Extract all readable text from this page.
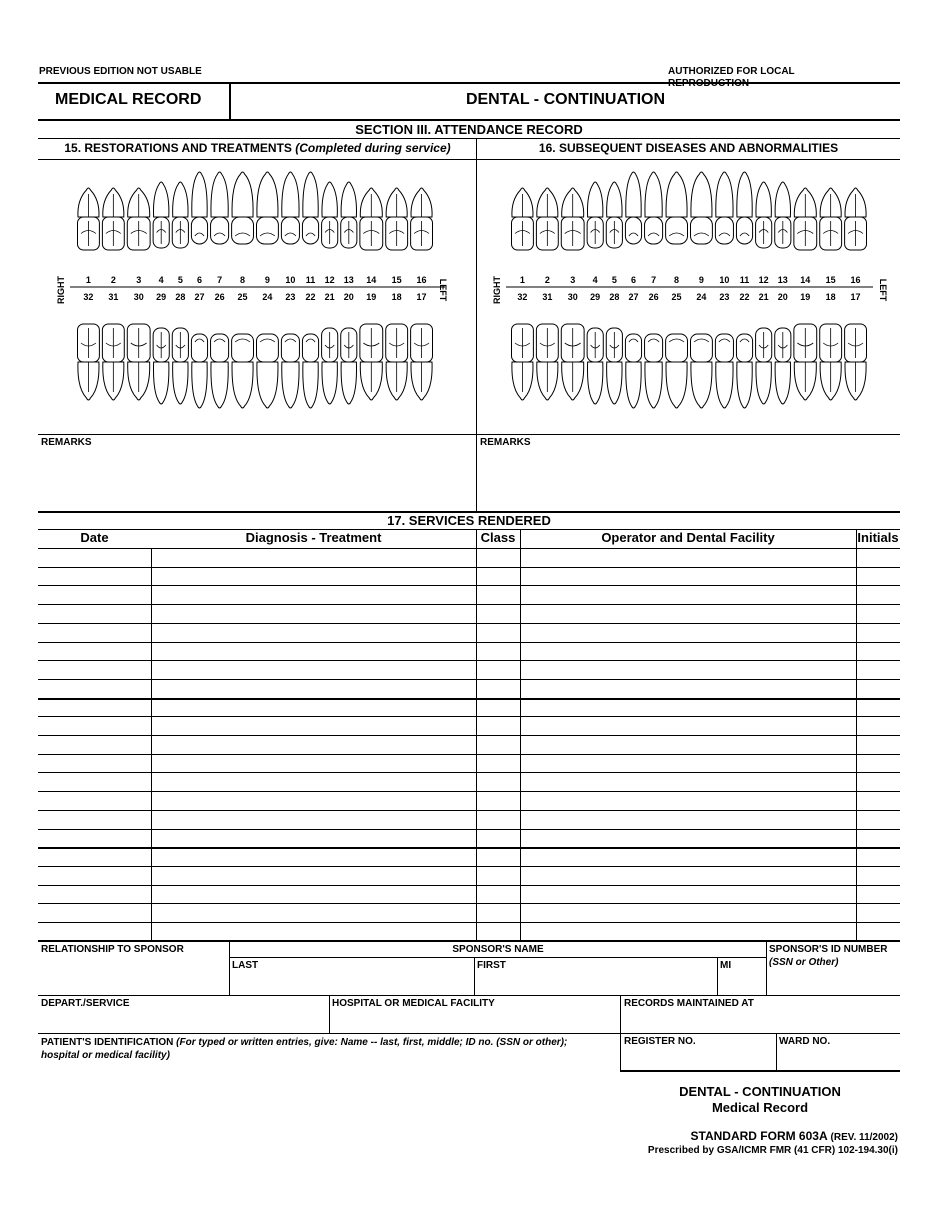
PREVIOUS EDITION NOT USABLE	AUTHORIZED FOR LOCAL
MEDICAL RECORD	DENTAL - CONTINUATION
SECTION III. ATTENDANCE RECORD
15. RESTORATIONS AND TREATMENTS (Completed during service)	16. SUBSEQUENT DISEASES AND ABNORMALITIES
1 2 3 4 5 6 7 8 9 10 11 12 13 14 15 16
32 31 30 29 28 27 26 25 24 23 22 21 20 19 18 17
RIGHT	LEFT	1 2 3 4 5 6 7 8 9 10 11 12 13 14 15 16
32 31 30 29 28 27 26 25 24 23 22 21 20 19 18 17
RIGHT	LEFT
REMARKS	REMARKS
17. SERVICES RENDERED
Date	Diagnosis - Treatment	Class	Operator and Dental Facility	Initials
RELATIONSHIP TO SPONSOR	SPONSOR'S NAME
LAST	FIRST	MI
SPONSOR'S ID NUMBER
(SSN or Other)
DEPART./SERVICE	HOSPITAL OR MEDICAL FACILITY	RECORDS MAINTAINED AT
PATIENT'S IDENTIFICATION (For typed or written entries, give: Name -- last, first, middle; ID no. (SSN or other); hospital or medical facility)
REGISTER NO.	WARD NO.
DENTAL - CONTINUATION
Medical Record
STANDARD FORM 603A (REV. 11/2002)
Prescribed by GSA/ICMR FMR (41 CFR) 102-194.30(i)
